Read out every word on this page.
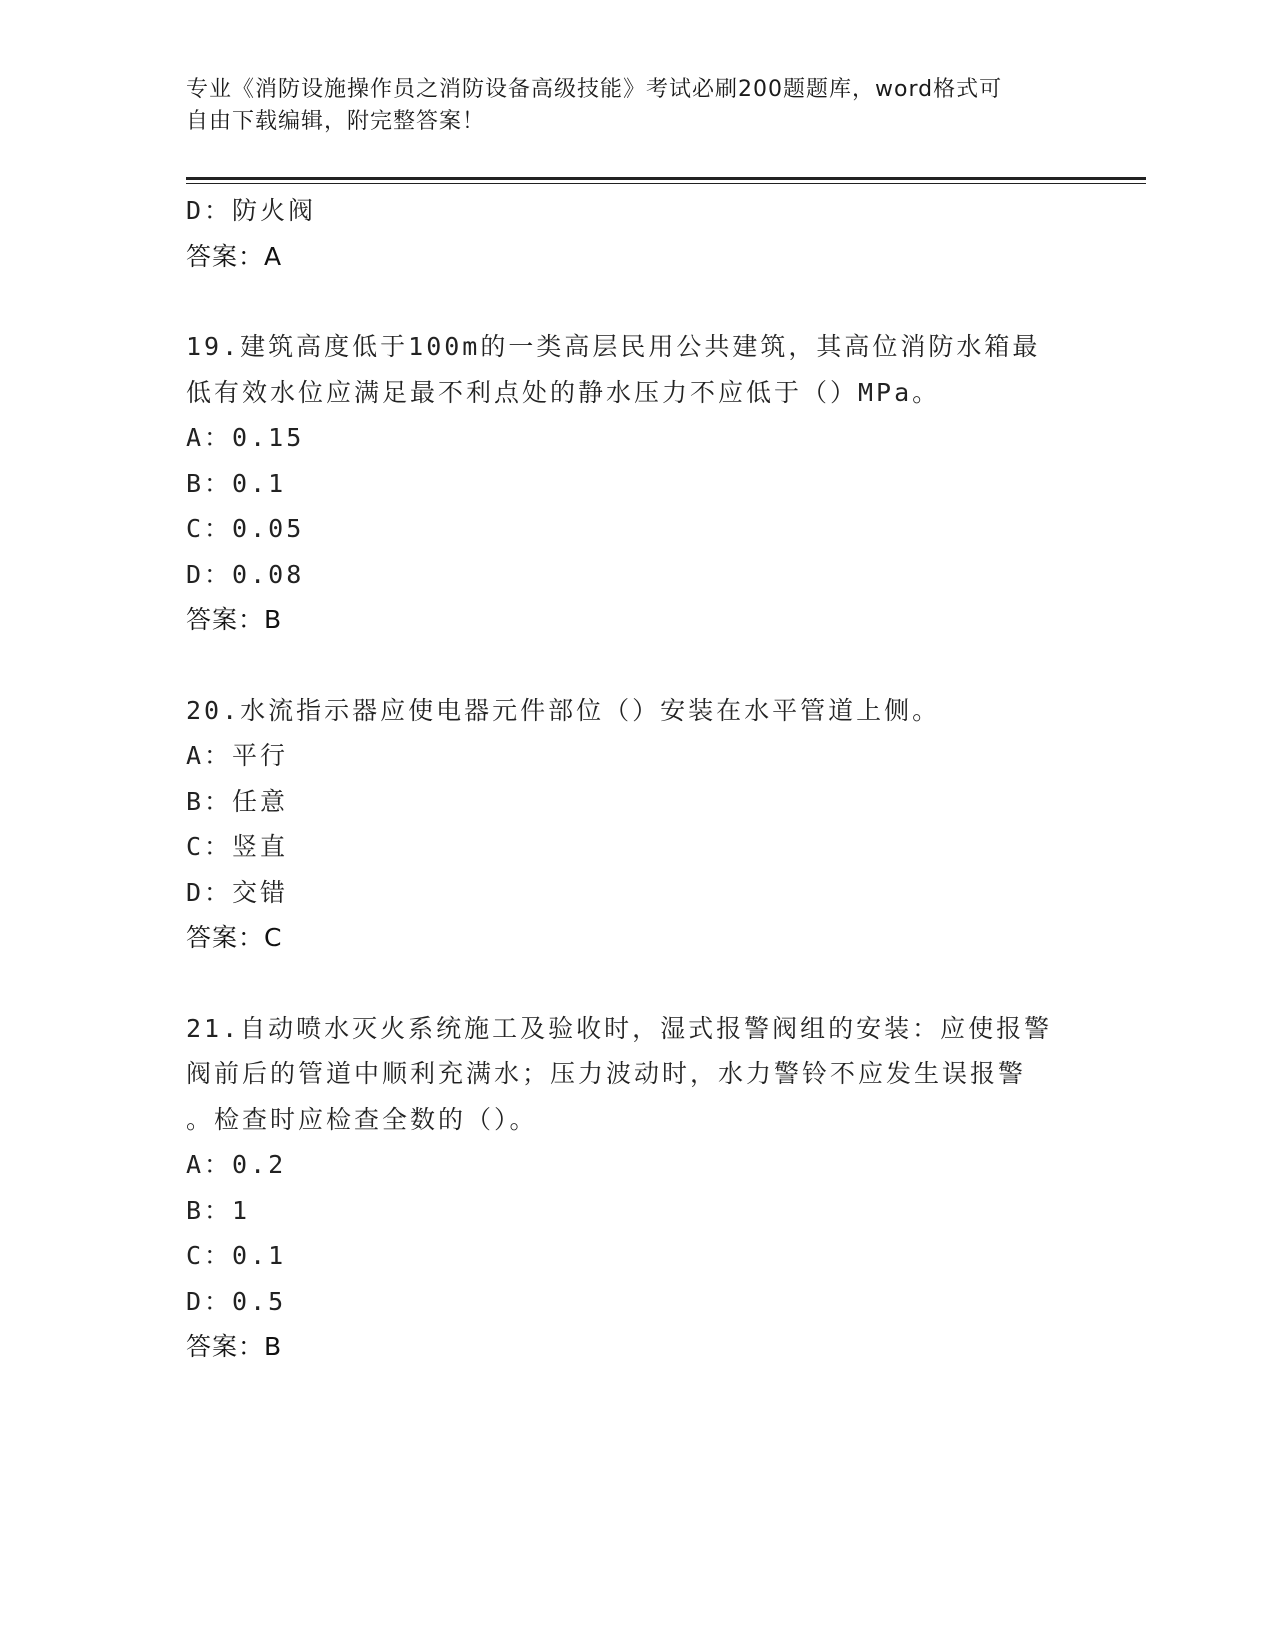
专业《消防设施操作员之消防设备高级技能》考试必刷200题题库，word格式可
自由下载编辑，附完整答案！
D：防火阀
答案：A
19.建筑高度低于100m的一类高层民用公共建筑，其高位消防水箱最
低有效水位应满足最不利点处的静水压力不应低于（）MPa。
A：0.15
B：0.1
C：0.05
D：0.08
答案：B
20.水流指示器应使电器元件部位（）安装在水平管道上侧。
A：平行
B：任意
C：竖直
D：交错
答案：C
21.自动喷水灭火系统施工及验收时，湿式报警阀组的安装：应使报警
阀前后的管道中顺利充满水；压力波动时，水力警铃不应发生误报警
。检查时应检查全数的（）。
A：0.2
B：1
C：0.1
D：0.5
答案：B
